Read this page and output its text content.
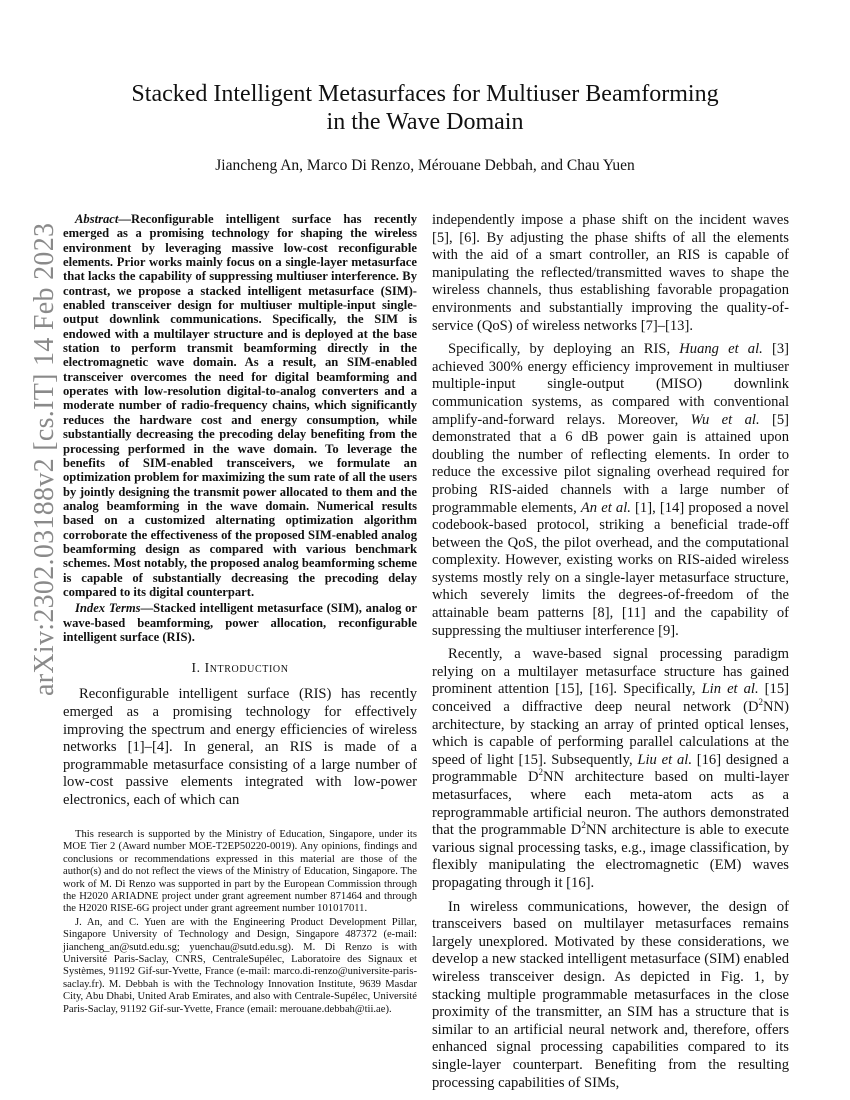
arXiv:2302.03188v2 [cs.IT] 14 Feb 2023
Stacked Intelligent Metasurfaces for Multiuser Beamforming
in the Wave Domain
Jiancheng An, Marco Di Renzo, Mérouane Debbah, and Chau Yuen

Abstract—Reconfigurable intelligent surface has recently emerged as a promising technology for shaping the wireless environment by leveraging massive low-cost reconfigurable elements. Prior works mainly focus on a single-layer metasurface that lacks the capability of suppressing multiuser interference. By contrast, we propose a stacked intelligent metasurface (SIM)-enabled transceiver design for multiuser multiple-input single-output downlink communications. Specifically, the SIM is endowed with a multilayer structure and is deployed at the base station to perform transmit beamforming directly in the electromagnetic wave domain. As a result, an SIM-enabled transceiver overcomes the need for digital beamforming and operates with low-resolution digital-to-analog converters and a moderate number of radio-frequency chains, which significantly reduces the hardware cost and energy consumption, while substantially decreasing the precoding delay benefiting from the processing performed in the wave domain. To leverage the benefits of SIM-enabled transceivers, we formulate an optimization problem for maximizing the sum rate of all the users by jointly designing the transmit power allocated to them and the analog beamforming in the wave domain. Numerical results based on a customized alternating optimization algorithm corroborate the effectiveness of the proposed SIM-enabled analog beamforming design as compared with various benchmark schemes. Most notably, the proposed analog beamforming scheme is capable of substantially decreasing the precoding delay compared to its digital counterpart.

Index Terms—Stacked intelligent metasurface (SIM), analog or wave-based beamforming, power allocation, reconfigurable intelligent surface (RIS).

I. Introduction

Reconfigurable intelligent surface (RIS) has recently emerged as a promising technology for effectively improving the spectrum and energy efficiencies of wireless networks [1]–[4]. In general, an RIS is made of a programmable metasurface consisting of a large number of low-cost passive elements integrated with low-power electronics, each of which can

This research is supported by the Ministry of Education, Singapore, under its MOE Tier 2 (Award number MOE-T2EP50220-0019). Any opinions, findings and conclusions or recommendations expressed in this material are those of the author(s) and do not reflect the views of the Ministry of Education, Singapore. The work of M. Di Renzo was supported in part by the European Commission through the H2020 ARIADNE project under grant agreement number 871464 and through the H2020 RISE-6G project under grant agreement number 101017011.

J. An, and C. Yuen are with the Engineering Product Development Pillar, Singapore University of Technology and Design, Singapore 487372 (e-mail: jiancheng_an@sutd.edu.sg; yuenchau@sutd.edu.sg). M. Di Renzo is with Université Paris-Saclay, CNRS, CentraleSupélec, Laboratoire des Signaux et Systèmes, 91192 Gif-sur-Yvette, France (e-mail: marco.di-renzo@universite-paris-saclay.fr). M. Debbah is with the Technology Innovation Institute, 9639 Masdar City, Abu Dhabi, United Arab Emirates, and also with Centrale-Supélec, Université Paris-Saclay, 91192 Gif-sur-Yvette, France (email: merouane.debbah@tii.ae).

independently impose a phase shift on the incident waves [5], [6]. By adjusting the phase shifts of all the elements with the aid of a smart controller, an RIS is capable of manipulating the reflected/transmitted waves to shape the wireless channels, thus establishing favorable propagation environments and substantially improving the quality-of-service (QoS) of wireless networks [7]–[13].

Specifically, by deploying an RIS, Huang et al. [3] achieved 300% energy efficiency improvement in multiuser multiple-input single-output (MISO) downlink communication systems, as compared with conventional amplify-and-forward relays. Moreover, Wu et al. [5] demonstrated that a 6 dB power gain is attained upon doubling the number of reflecting elements. In order to reduce the excessive pilot signaling overhead required for probing RIS-aided channels with a large number of programmable elements, An et al. [1], [14] proposed a novel codebook-based protocol, striking a beneficial trade-off between the QoS, the pilot overhead, and the computational complexity. However, existing works on RIS-aided wireless systems mostly rely on a single-layer metasurface structure, which severely limits the degrees-of-freedom of the attainable beam patterns [8], [11] and the capability of suppressing the multiuser interference [9].

Recently, a wave-based signal processing paradigm relying on a multilayer metasurface structure has gained prominent attention [15], [16]. Specifically, Lin et al. [15] conceived a diffractive deep neural network $(D^2NN)$ architecture, by stacking an array of printed optical lenses, which is capable of performing parallel calculations at the speed of light [15]. Subsequently, Liu et al. [16] designed a programmable $D^2NN$ architecture based on multi-layer metasurfaces, where each meta-atom acts as a reprogrammable artificial neuron. The authors demonstrated that the programmable $D^2NN$ architecture is able to execute various signal processing tasks, e.g., image classification, by flexibly manipulating the electromagnetic (EM) waves propagating through it [16].

In wireless communications, however, the design of transceivers based on multilayer metasurfaces remains largely unexplored. Motivated by these considerations, we develop a new stacked intelligent metasurface (SIM) enabled wireless transceiver design. As depicted in Fig. 1, by stacking multiple programmable metasurfaces in the close proximity of the transmitter, an SIM has a structure that is similar to an artificial neural network and, therefore, offers enhanced signal processing capabilities compared to its single-layer counterpart. Benefiting from the resulting processing capabilities of SIMs,
